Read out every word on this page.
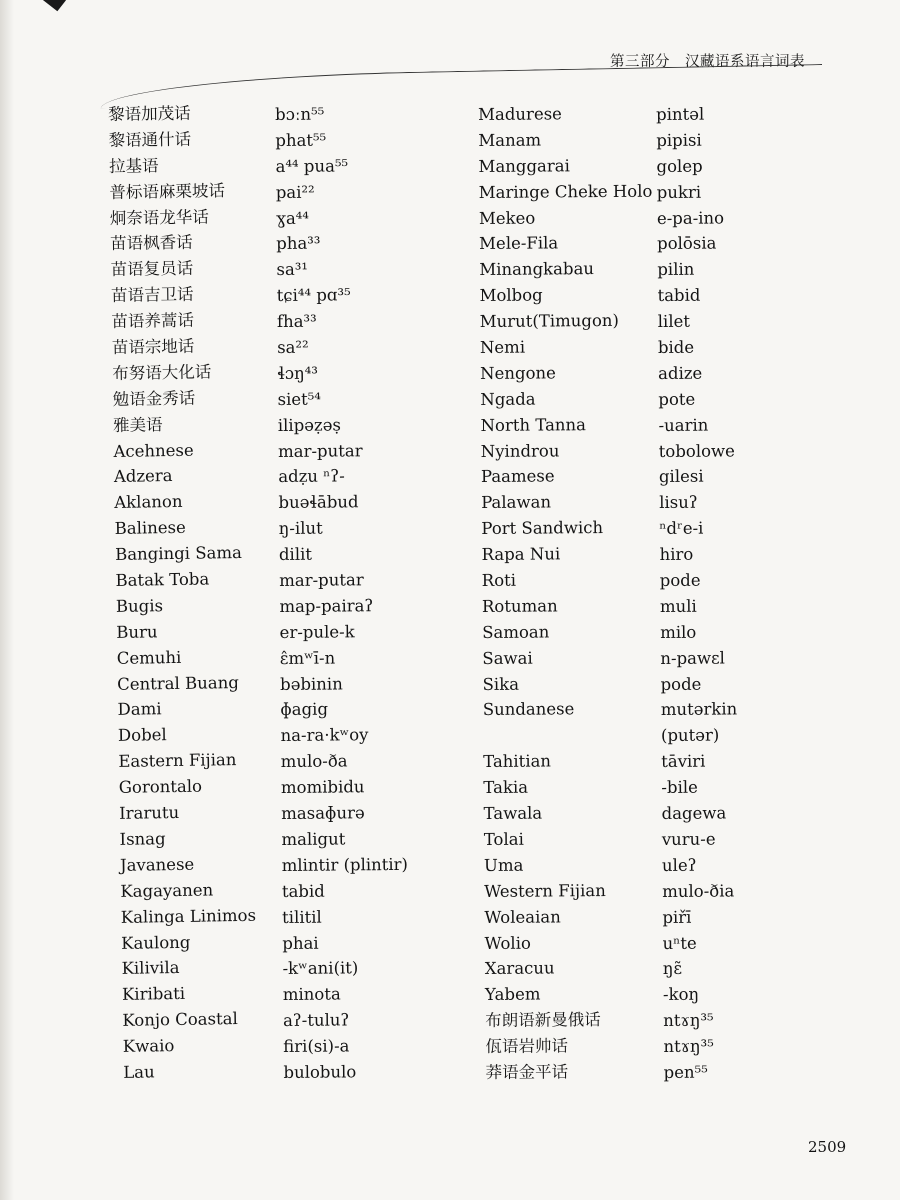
第三部分　汉藏语系语言词表
黎语加茂话
黎语通什话
拉基语
普标语麻栗坡话
炯奈语龙华话
苗语枫香话
苗语复员话
苗语吉卫话
苗语养蒿话
苗语宗地话
布努语大化话
勉语金秀话
雅美语
Acehnese
Adzera
Aklanon
Balinese
Bangingi Sama
Batak Toba
Bugis
Buru
Cemuhi
Central Buang
Dami
Dobel
Eastern Fijian
Gorontalo
Irarutu
Isnag
Javanese
Kagayanen
Kalinga Linimos
Kaulong
Kilivila
Kiribati
Konjo Coastal
Kwaio
Lau
bɔːn⁵⁵
phat⁵⁵
a⁴⁴ pua⁵⁵
pai²²
ɣa⁴⁴
pha³³
sa³¹
tɕi⁴⁴ pɑ³⁵
fha³³
sa²²
ɬɔŋ⁴³
siet⁵⁴
ilipəẓəṣ
mar-putar
adẓu ⁿʔ-
buəɬābud
ŋ-ilut
dilit
mar-putar
map-pairaʔ
er-pule-k
ɛ̂mʷī-n
bəbinin
ɸagig
na-ra·kʷoy
mulo-ðа
momibidu
masaɸurə
maligut
mlintir (plintir)
tabid
tilitil
phai
-kʷani(it)
minota
aʔ-tuluʔ
firi(si)-a
bulobulo
Madurese
Manam
Manggarai
Maringe Cheke Holo
Mekeo
Mele-Fila
Minangkabau
Molbog
Murut(Timugon)
Nemi
Nengone
Ngada
North Tanna
Nyindrou
Paamese
Palawan
Port Sandwich
Rapa Nui
Roti
Rotuman
Samoan
Sawai
Sika
Sundanese
Tahitian
Takia
Tawala
Tolai
Uma
Western Fijian
Woleaian
Wolio
Xaracuu
Yabem
布朗语新曼俄话
佤语岩帅话
莽语金平话
pintəl
pipisi
golep
pukri
e-pa-ino
polōsia
pilin
tabid
lilet
bide
adize
pote
-uarin
tobolowe
gilesi
lisuʔ
ⁿdʳe-i
hiro
pode
muli
milo
n-pawɛl
pode
mutərkin
(putər)
tāviri
-bile
dagewa
vuru-e
uleʔ
mulo-ðia
piřī
uⁿte
ŋɛ̃
-koŋ
ntɤŋ³⁵
ntɤŋ³⁵
pen⁵⁵
2509
